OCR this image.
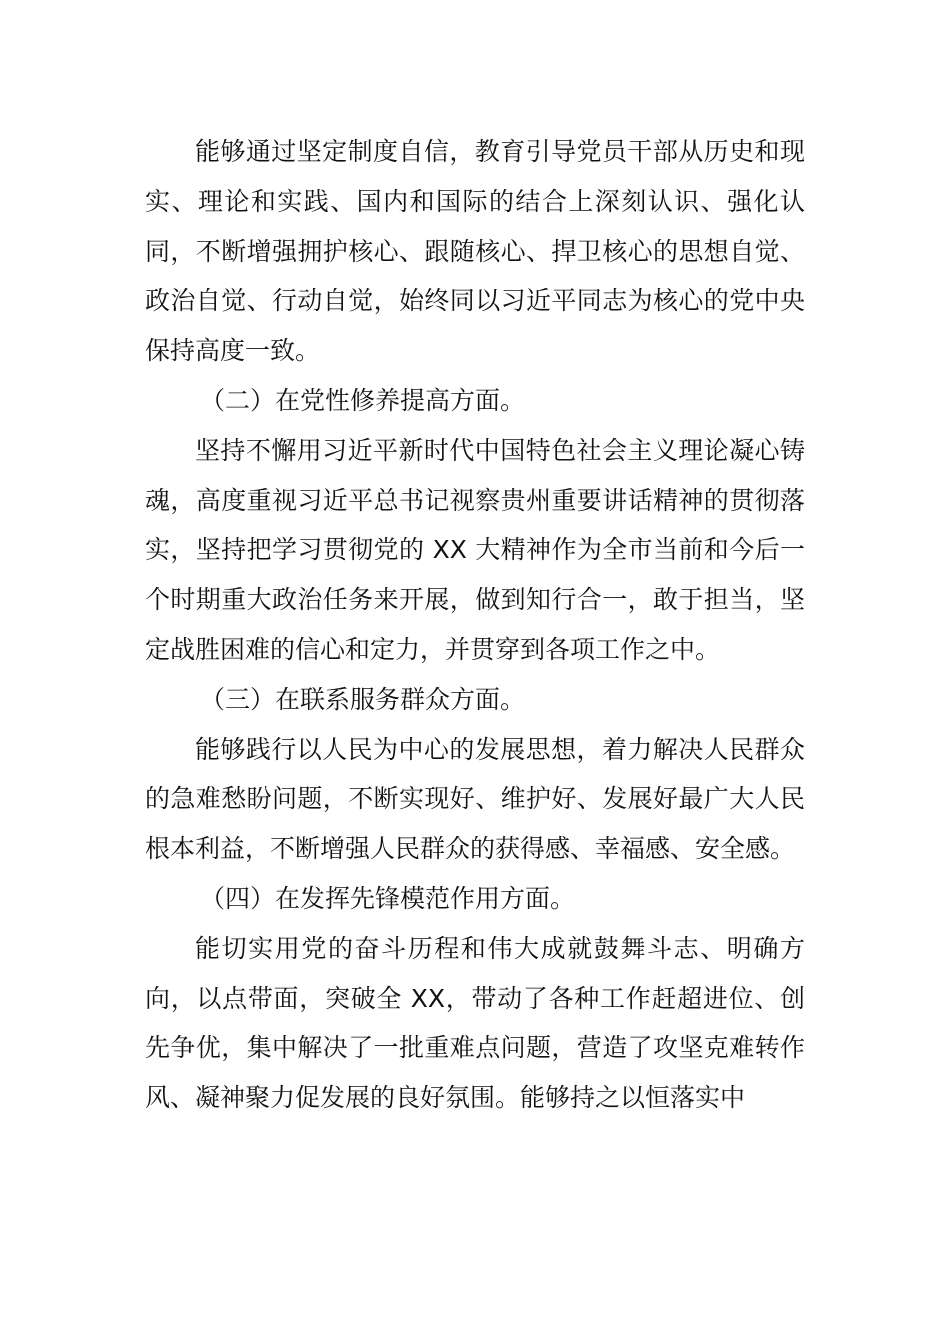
能够通过坚定制度自信，教育引导党员干部从历史和现实、理论和实践、国内和国际的结合上深刻认识、强化认同，不断增强拥护核心、跟随核心、捍卫核心的思想自觉、政治自觉、行动自觉，始终同以习近平同志为核心的党中央保持高度一致。

（二）在党性修养提高方面。

坚持不懈用习近平新时代中国特色社会主义理论凝心铸魂，高度重视习近平总书记视察贵州重要讲话精神的贯彻落实，坚持把学习贯彻党的 XX 大精神作为全市当前和今后一个时期重大政治任务来开展，做到知行合一，敢于担当，坚定战胜困难的信心和定力，并贯穿到各项工作之中。

（三）在联系服务群众方面。

能够践行以人民为中心的发展思想，着力解决人民群众的急难愁盼问题，不断实现好、维护好、发展好最广大人民根本利益，不断增强人民群众的获得感、幸福感、安全感。

（四）在发挥先锋模范作用方面。

能切实用党的奋斗历程和伟大成就鼓舞斗志、明确方向，以点带面，突破全 XX，带动了各种工作赶超进位、创先争优，集中解决了一批重难点问题，营造了攻坚克难转作风、凝神聚力促发展的良好氛围。能够持之以恒落实中
